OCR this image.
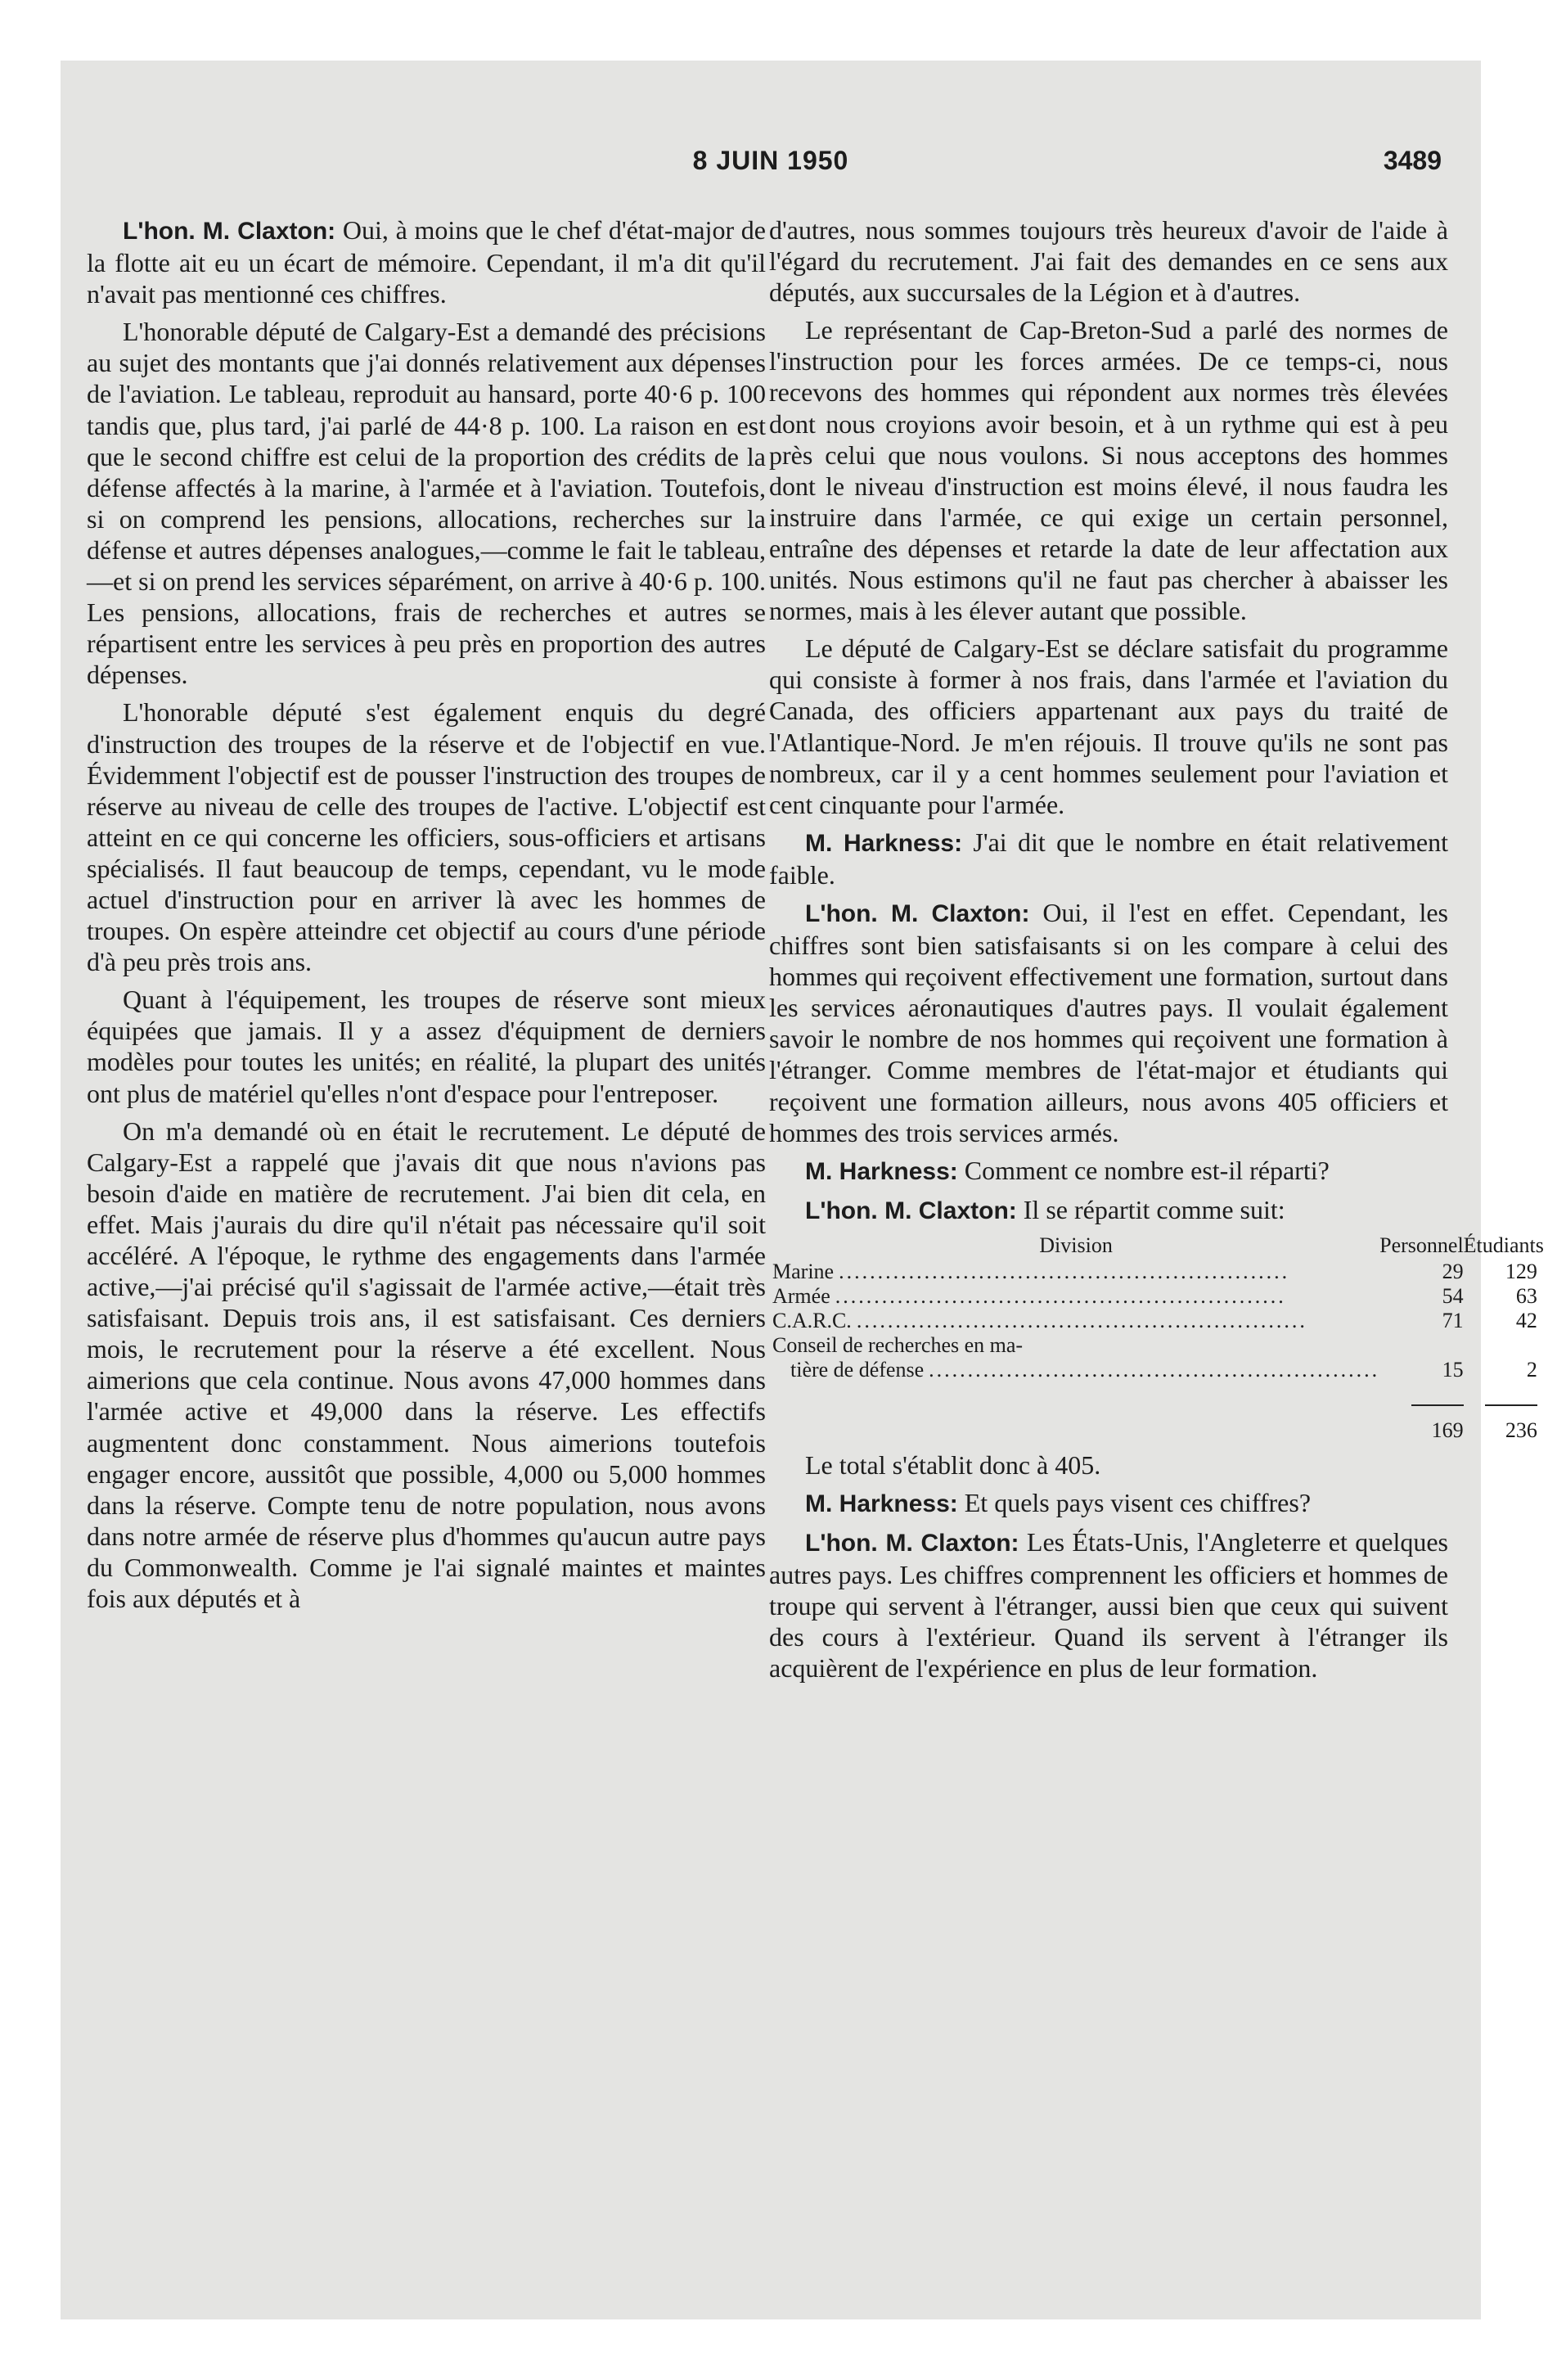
8 JUIN 1950	3489

L'hon. M. Claxton: Oui, à moins que le chef d'état-major de la flotte ait eu un écart de mémoire. Cependant, il m'a dit qu'il n'avait pas mentionné ces chiffres.

L'honorable député de Calgary-Est a demandé des précisions au sujet des montants que j'ai donnés relativement aux dépenses de l'aviation. Le tableau, reproduit au hansard, porte 40·6 p. 100 tandis que, plus tard, j'ai parlé de 44·8 p. 100. La raison en est que le second chiffre est celui de la proportion des crédits de la défense affectés à la marine, à l'armée et à l'aviation. Toutefois, si on comprend les pensions, allocations, recherches sur la défense et autres dépenses analogues,—comme le fait le tableau,—et si on prend les services séparément, on arrive à 40·6 p. 100. Les pensions, allocations, frais de recherches et autres se répartisent entre les services à peu près en proportion des autres dépenses.

L'honorable député s'est également enquis du degré d'instruction des troupes de la réserve et de l'objectif en vue. Évidemment l'objectif est de pousser l'instruction des troupes de réserve au niveau de celle des troupes de l'active. L'objectif est atteint en ce qui concerne les officiers, sous-officiers et artisans spécialisés. Il faut beaucoup de temps, cependant, vu le mode actuel d'instruction pour en arriver là avec les hommes de troupes. On espère atteindre cet objectif au cours d'une période d'à peu près trois ans.

Quant à l'équipement, les troupes de réserve sont mieux équipées que jamais. Il y a assez d'équipment de derniers modèles pour toutes les unités; en réalité, la plupart des unités ont plus de matériel qu'elles n'ont d'espace pour l'entreposer.

On m'a demandé où en était le recrutement. Le député de Calgary-Est a rappelé que j'avais dit que nous n'avions pas besoin d'aide en matière de recrutement. J'ai bien dit cela, en effet. Mais j'aurais du dire qu'il n'était pas nécessaire qu'il soit accéléré. A l'époque, le rythme des engagements dans l'armée active,—j'ai précisé qu'il s'agissait de l'armée active,—était très satisfaisant. Depuis trois ans, il est satisfaisant. Ces derniers mois, le recrutement pour la réserve a été excellent. Nous aimerions que cela continue. Nous avons 47,000 hommes dans l'armée active et 49,000 dans la réserve. Les effectifs augmentent donc constamment. Nous aimerions toutefois engager encore, aussitôt que possible, 4,000 ou 5,000 hommes dans la réserve. Compte tenu de notre population, nous avons dans notre armée de réserve plus d'hommes qu'aucun autre pays du Commonwealth. Comme je l'ai signalé maintes et maintes fois aux députés et à

d'autres, nous sommes toujours très heureux d'avoir de l'aide à l'égard du recrutement. J'ai fait des demandes en ce sens aux députés, aux succursales de la Légion et à d'autres.

Le représentant de Cap-Breton-Sud a parlé des normes de l'instruction pour les forces armées. De ce temps-ci, nous recevons des hommes qui répondent aux normes très élevées dont nous croyions avoir besoin, et à un rythme qui est à peu près celui que nous voulons. Si nous acceptons des hommes dont le niveau d'instruction est moins élevé, il nous faudra les instruire dans l'armée, ce qui exige un certain personnel, entraîne des dépenses et retarde la date de leur affectation aux unités. Nous estimons qu'il ne faut pas chercher à abaisser les normes, mais à les élever autant que possible.

Le député de Calgary-Est se déclare satisfait du programme qui consiste à former à nos frais, dans l'armée et l'aviation du Canada, des officiers appartenant aux pays du traité de l'Atlantique-Nord. Je m'en réjouis. Il trouve qu'ils ne sont pas nombreux, car il y a cent hommes seulement pour l'aviation et cent cinquante pour l'armée.

M. Harkness: J'ai dit que le nombre en était relativement faible.

L'hon. M. Claxton: Oui, il l'est en effet. Cependant, les chiffres sont bien satisfaisants si on les compare à celui des hommes qui reçoivent effectivement une formation, surtout dans les services aéronautiques d'autres pays. Il voulait également savoir le nombre de nos hommes qui reçoivent une formation à l'étranger. Comme membres de l'état-major et étudiants qui reçoivent une formation ailleurs, nous avons 405 officiers et hommes des trois services armés.

M. Harkness: Comment ce nombre est-il réparti?

L'hon. M. Claxton: Il se répartit comme suit:

Division	Personnel	Étudiants

Marine ..........................................................	29	129

Armée ..........................................................	54	63

C.A.R.C. ..........................................................	71	42

Conseil de recherches en ma-
tière de défense ..........................................................	15	2

	169	236

Le total s'établit donc à 405.

M. Harkness: Et quels pays visent ces chiffres?

L'hon. M. Claxton: Les États-Unis, l'Angleterre et quelques autres pays. Les chiffres comprennent les officiers et hommes de troupe qui servent à l'étranger, aussi bien que ceux qui suivent des cours à l'extérieur. Quand ils servent à l'étranger ils acquièrent de l'expérience en plus de leur formation.
